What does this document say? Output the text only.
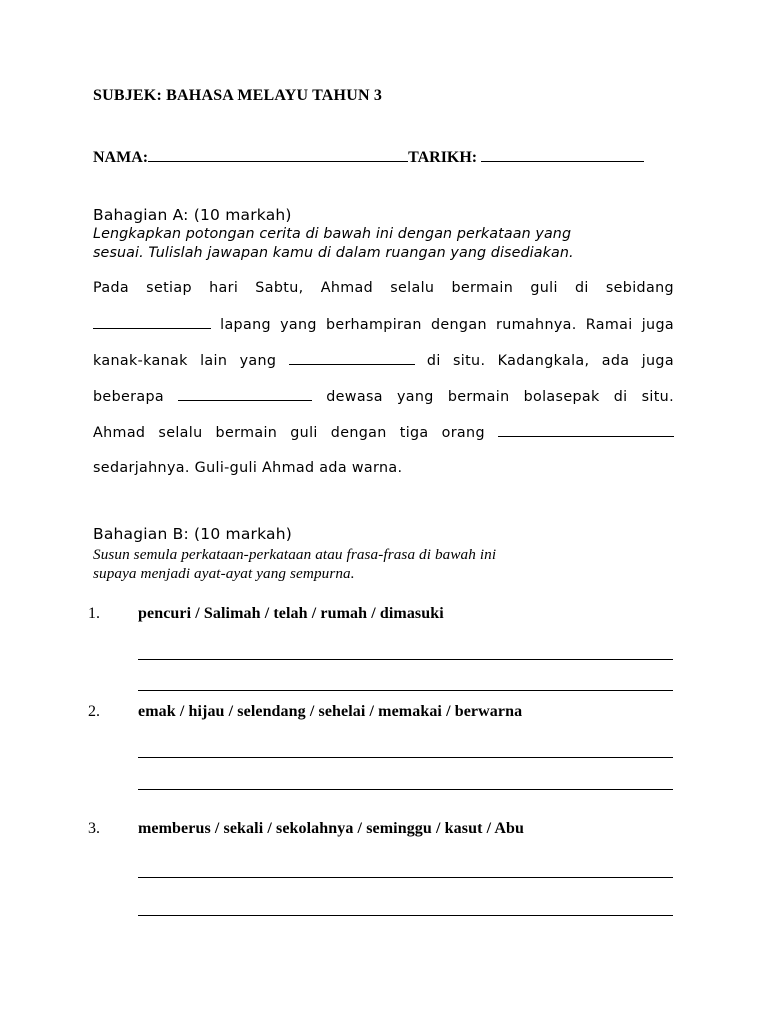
SUBJEK: BAHASA MELAYU TAHUN 3
NAMA:	TARIKH:
Bahagian A: (10 markah)
Lengkapkan potongan cerita di bawah ini dengan perkataan yang
sesuai. Tulislah jawapan kamu di dalam ruangan yang disediakan.
Pada setiap hari Sabtu, Ahmad selalu bermain guli di sebidang
lapang yang berhampiran dengan rumahnya. Ramai juga
kanak-kanak lain yang	di situ. Kadangkala, ada juga
beberapa	dewasa yang bermain bolasepak di situ.
Ahmad selalu bermain guli dengan tiga orang
sedarjahnya. Guli-guli Ahmad ada warna.
Bahagian B: (10 markah)
Susun semula perkataan-perkataan atau frasa-frasa di bawah ini
supaya menjadi ayat-ayat yang sempurna.
1. pencuri / Salimah / telah / rumah / dimasuki
2. emak / hijau / selendang / sehelai / memakai / berwarna
3. memberus / sekali / sekolahnya / seminggu / kasut / Abu
